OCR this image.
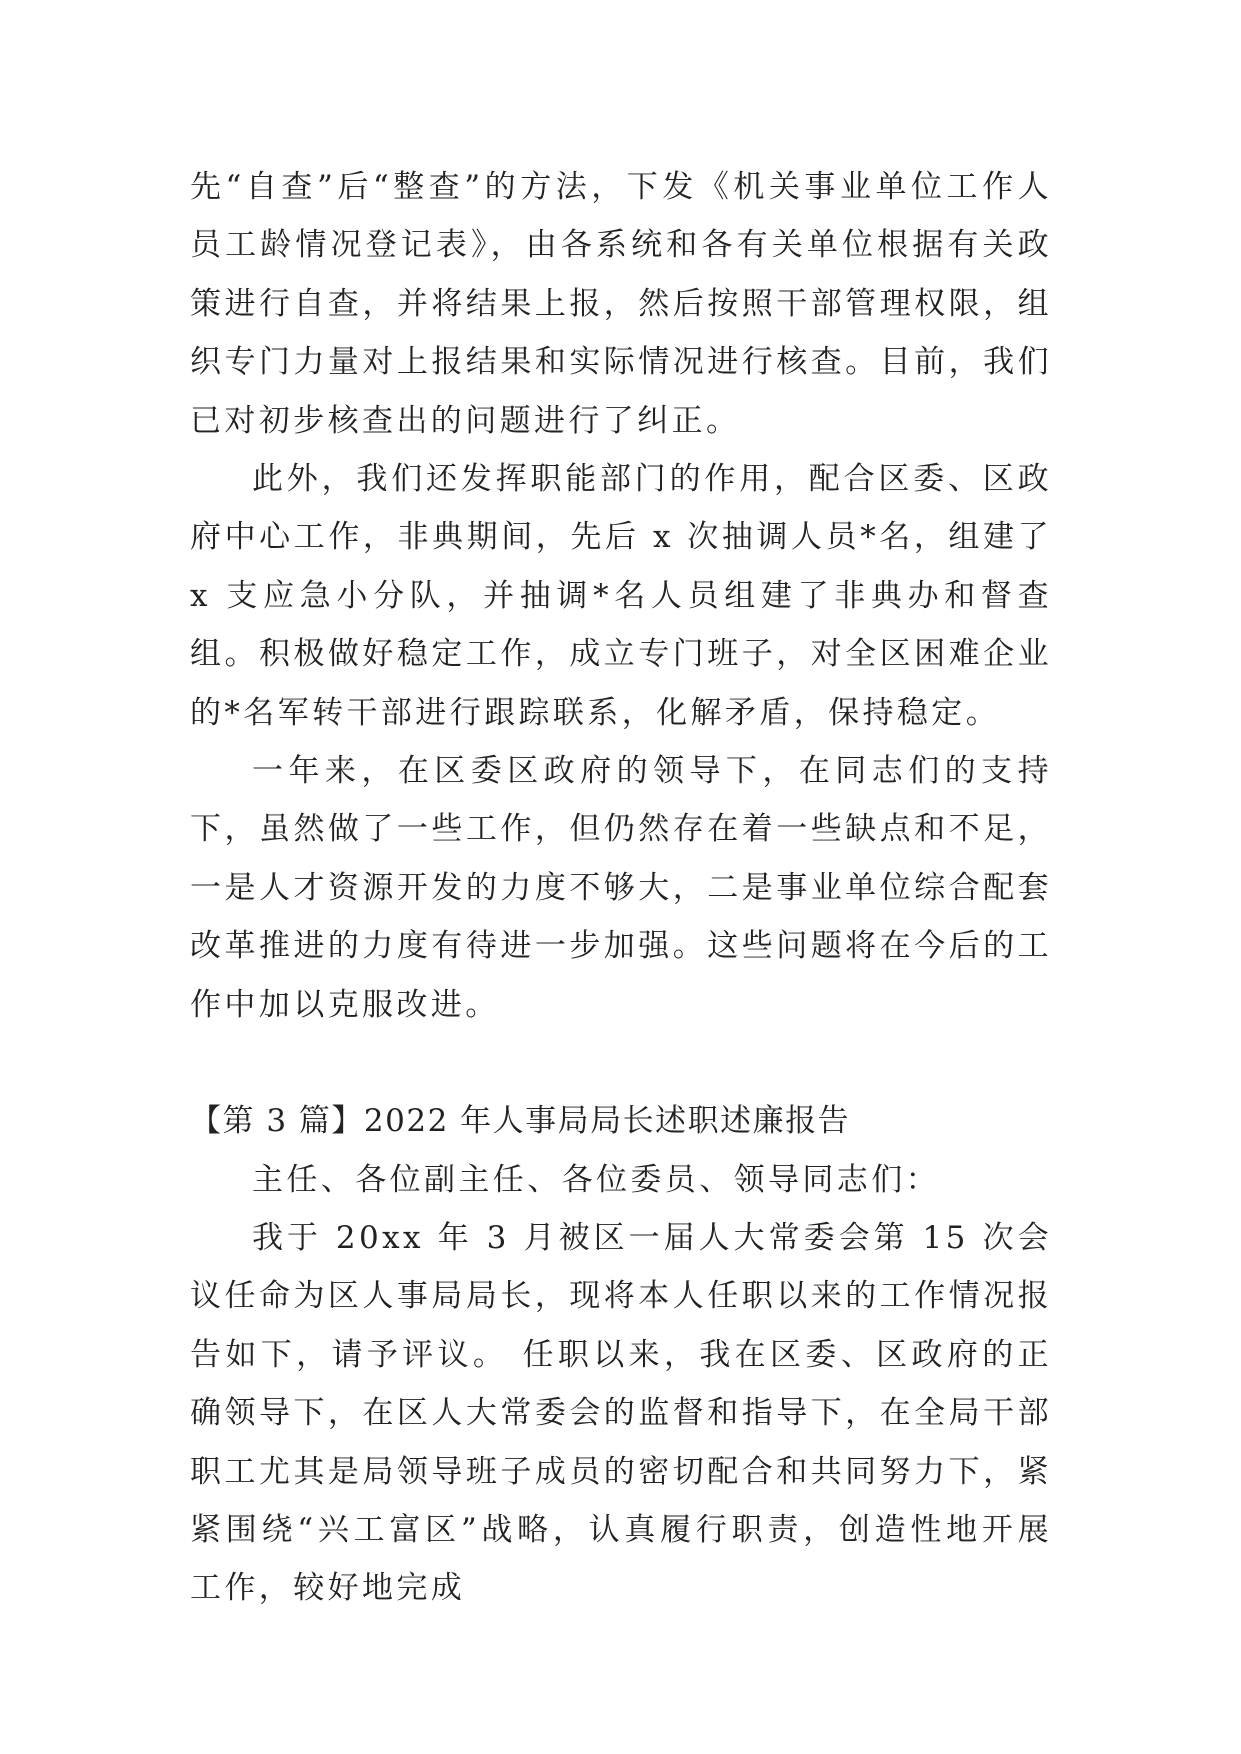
先“自查”后“整查”的方法，下发《机关事业单位工作人员工龄情况登记表》，由各系统和各有关单位根据有关政策进行自查，并将结果上报，然后按照干部管理权限，组织专门力量对上报结果和实际情况进行核查。目前，我们已对初步核查出的问题进行了纠正。

此外，我们还发挥职能部门的作用，配合区委、区政府中心工作，非典期间，先后 x 次抽调人员*名，组建了 x 支应急小分队，并抽调*名人员组建了非典办和督查组。积极做好稳定工作，成立专门班子，对全区困难企业的*名军转干部进行跟踪联系，化解矛盾，保持稳定。

一年来，在区委区政府的领导下，在同志们的支持下，虽然做了一些工作，但仍然存在着一些缺点和不足，一是人才资源开发的力度不够大，二是事业单位综合配套改革推进的力度有待进一步加强。这些问题将在今后的工作中加以克服改进。

【第 3 篇】2022 年人事局局长述职述廉报告

主任、各位副主任、各位委员、领导同志们：

我于 20xx 年 3 月被区一届人大常委会第 15 次会议任命为区人事局局长，现将本人任职以来的工作情况报告如下，请予评议。 任职以来，我在区委、区政府的正确领导下，在区人大常委会的监督和指导下，在全局干部职工尤其是局领导班子成员的密切配合和共同努力下，紧紧围绕“兴工富区”战略，认真履行职责，创造性地开展工作，较好地完成
